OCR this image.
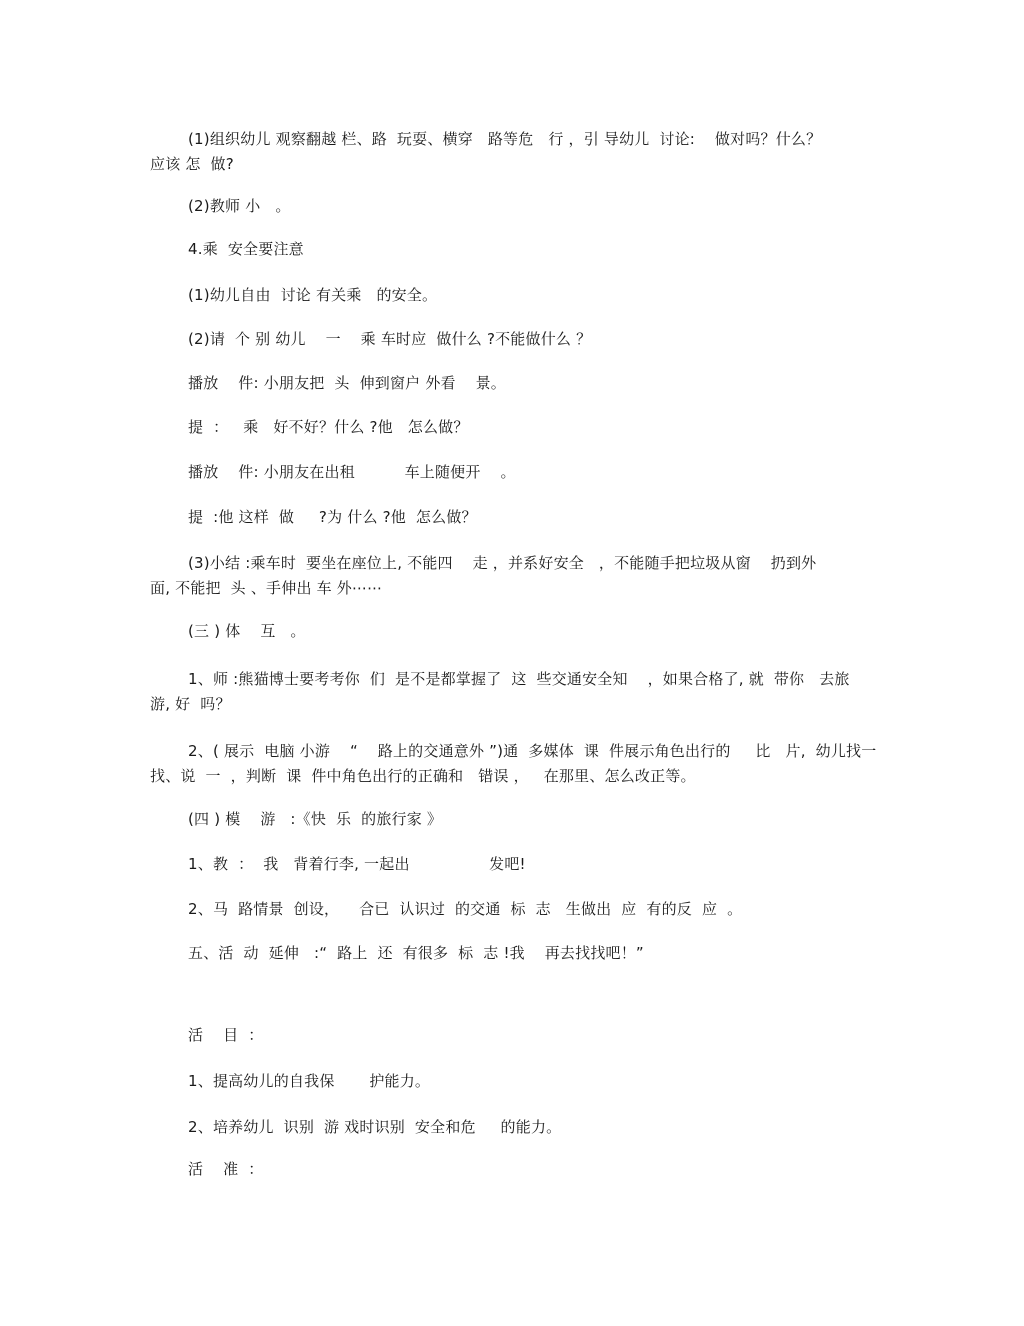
(1)组织幼儿 观察翻越 栏、路  玩耍、横穿   路等危   行 ，引 导幼儿  讨论:    做对吗？什么？
应该 怎  做?
(2)教师 小   。
4.乘  安全要注意
(1)幼儿自由  讨论 有关乘   的安全。
(2)请  个 别 幼儿    一    乘 车时应  做什么 ?不能做什么 ？
播放    件: 小朋友把  头  伸到窗户 外看    景。
提  ：   乘   好不好？什么 ?他   怎么做？
播放    件: 小朋友在出租          车上随便开    。
提  :他 这样  做     ?为 什么 ?他  怎么做？
(3)小结 :乘车时  要坐在座位上, 不能四    走 ，并系好安全   ，不能随手把垃圾从窗    扔到外
面, 不能把  头 、手伸出 车 外⋯⋯
(三 ) 体    互   。
1、师 :熊猫博士要考考你  们  是不是都掌握了  这  些交通安全知    ，如果合格了, 就  带你   去旅
游, 好  吗？
2、( 展示  电脑 小游    “    路上的交通意外 ”)通  多媒体  课  件展示角色出行的     比   片,  幼儿找一
找、说  一  ，判断  课  件中角色出行的正确和   错误 ，   在那里、怎么改正等。
(四 ) 模    游   :《快  乐  的旅行家 》
1、教  ：  我   背着行李, 一起出                发吧!
2、马  路情景  创设，    合已  认识过  的交通  标  志   生做出  应  有的反  应  。
五、活  动  延伸   :“  路上  还  有很多  标  志 !我    再去找找吧！”
活    目  ：
1、提高幼儿的自我保       护能力。
2、培养幼儿  识别  游 戏时识别  安全和危     的能力。
活    准  ：
